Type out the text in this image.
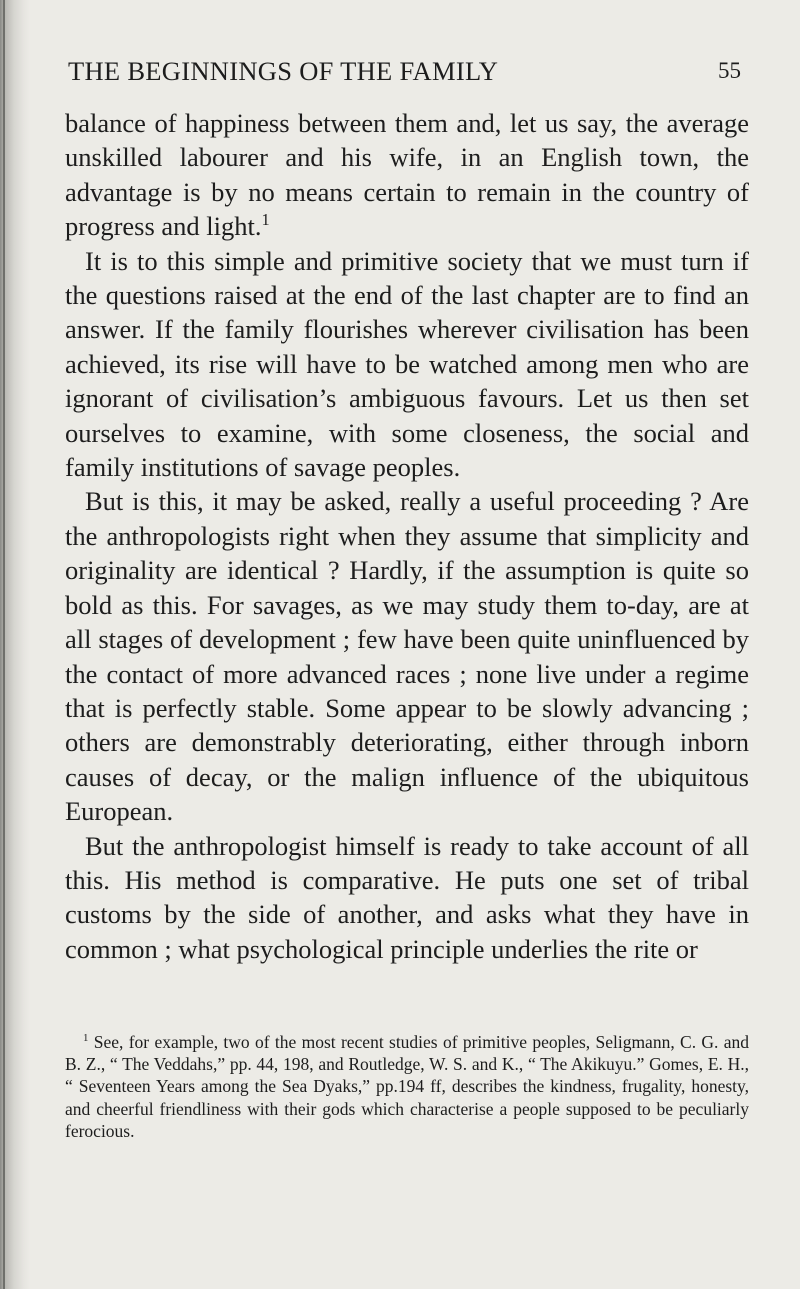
THE BEGINNINGS OF THE FAMILY	55

balance of happiness between them and, let us say, the average unskilled labourer and his wife, in an English town, the advantage is by no means certain to remain in the country of progress and light.$^1$

It is to this simple and primitive society that we must turn if the questions raised at the end of the last chapter are to find an answer. If the family flourishes wherever civilisation has been achieved, its rise will have to be watched among men who are ignorant of civilisation’s ambiguous favours. Let us then set ourselves to examine, with some closeness, the social and family institutions of savage peoples.

But is this, it may be asked, really a useful proceeding ? Are the anthropologists right when they assume that simplicity and originality are identical ? Hardly, if the assumption is quite so bold as this. For savages, as we may study them to-day, are at all stages of development ; few have been quite uninfluenced by the contact of more advanced races ; none live under a regime that is perfectly stable. Some appear to be slowly advancing ; others are demonstrably deteriorating, either through inborn causes of decay, or the malign influence of the ubiquitous European.

But the anthropologist himself is ready to take account of all this. His method is comparative. He puts one set of tribal customs by the side of another, and asks what they have in common ; what psychological principle underlies the rite or

$^1$ See, for example, two of the most recent studies of primitive peoples, Seligmann, C. G. and B. Z., “ The Veddahs,” pp. 44, 198, and Routledge, W. S. and K., “ The Akikuyu.” Gomes, E. H., “ Seventeen Years among the Sea Dyaks,” pp.194 ff, describes the kindness, frugality, honesty, and cheerful friendliness with their gods which characterise a people supposed to be peculiarly ferocious.
